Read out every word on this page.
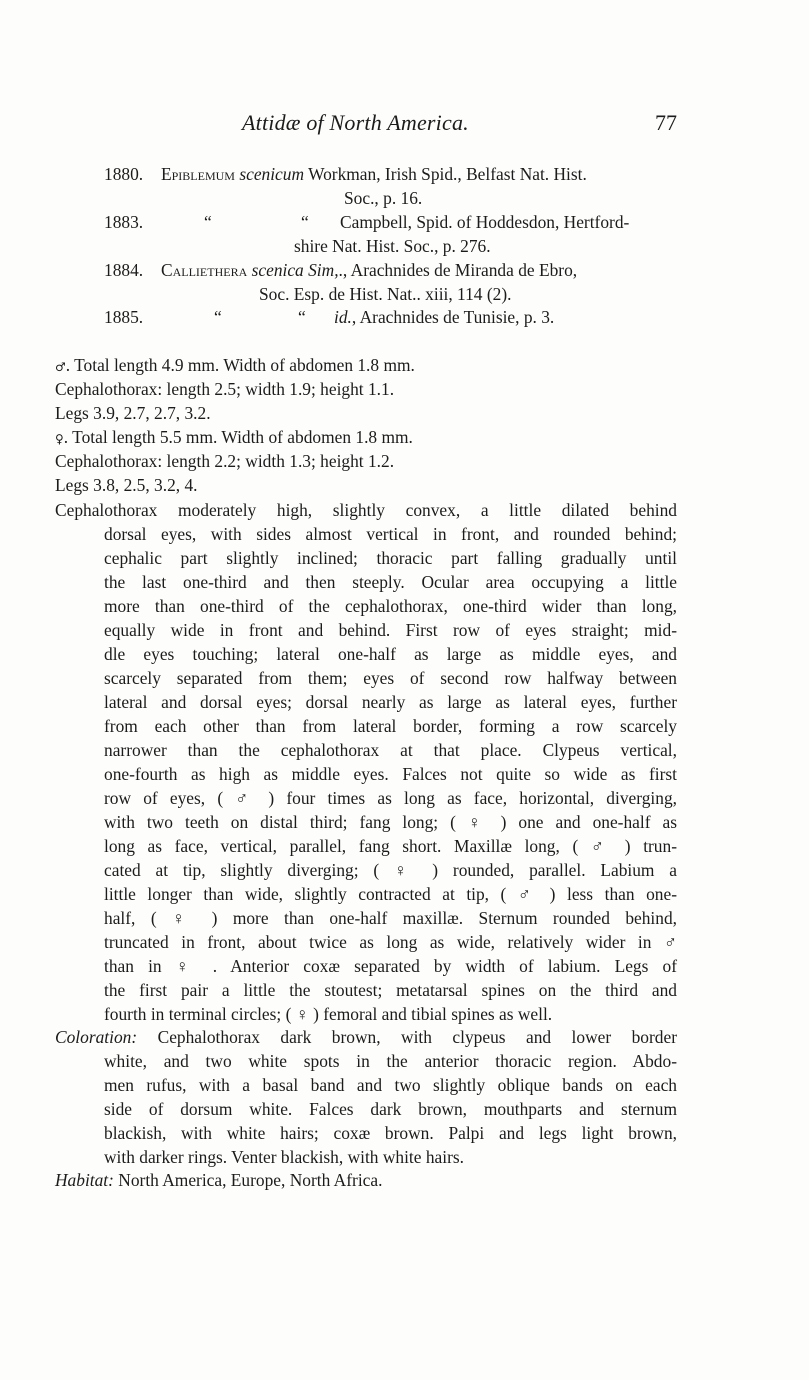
Attidæ of North America.	77
1880. Epiblemum scenicum Workman, Irish Spid., Belfast Nat. Hist.
Soc., p. 16.
1883.	“	“ Campbell, Spid. of Hoddesdon, Hertford-
shire Nat. Hist. Soc., p. 276.
1884. Calliethera scenica Sim,., Arachnides de Miranda de Ebro,
Soc. Esp. de Hist. Nat.. xiii, 114 (2).
1885.	“	“ id., Arachnides de Tunisie, p. 3.
♂. Total length 4.9 mm. Width of abdomen 1.8 mm.
Cephalothorax: length 2.5; width 1.9; height 1.1.
Legs 3.9, 2.7, 2.7, 3.2.
♀. Total length 5.5 mm. Width of abdomen 1.8 mm.
Cephalothorax: length 2.2; width 1.3; height 1.2.
Legs 3.8, 2.5, 3.2, 4.
Cephalothorax moderately high, slightly convex, a little dilated behind
dorsal eyes, with sides almost vertical in front, and rounded behind;
cephalic part slightly inclined; thoracic part falling gradually until
the last one-third and then steeply. Ocular area occupying a little
more than one-third of the cephalothorax, one-third wider than long,
equally wide in front and behind. First row of eyes straight; mid-
dle eyes touching; lateral one-half as large as middle eyes, and
scarcely separated from them; eyes of second row halfway between
lateral and dorsal eyes; dorsal nearly as large as lateral eyes, further
from each other than from lateral border, forming a row scarcely
narrower than the cephalothorax at that place. Clypeus vertical,
one-fourth as high as middle eyes. Falces not quite so wide as first
row of eyes, ( ♂ ) four times as long as face, horizontal, diverging,
with two teeth on distal third; fang long; ( ♀ ) one and one-half as
long as face, vertical, parallel, fang short. Maxillæ long, ( ♂ ) trun-
cated at tip, slightly diverging; ( ♀ ) rounded, parallel. Labium a
little longer than wide, slightly contracted at tip, ( ♂ ) less than one-
half, ( ♀ ) more than one-half maxillæ. Sternum rounded behind,
truncated in front, about twice as long as wide, relatively wider in ♂
than in ♀ . Anterior coxæ separated by width of labium. Legs of
the first pair a little the stoutest; metatarsal spines on the third and
fourth in terminal circles; ( ♀ ) femoral and tibial spines as well.
Coloration: Cephalothorax dark brown, with clypeus and lower border
white, and two white spots in the anterior thoracic region. Abdo-
men rufus, with a basal band and two slightly oblique bands on each
side of dorsum white. Falces dark brown, mouthparts and sternum
blackish, with white hairs; coxæ brown. Palpi and legs light brown,
with darker rings. Venter blackish, with white hairs.
Habitat: North America, Europe, North Africa.
